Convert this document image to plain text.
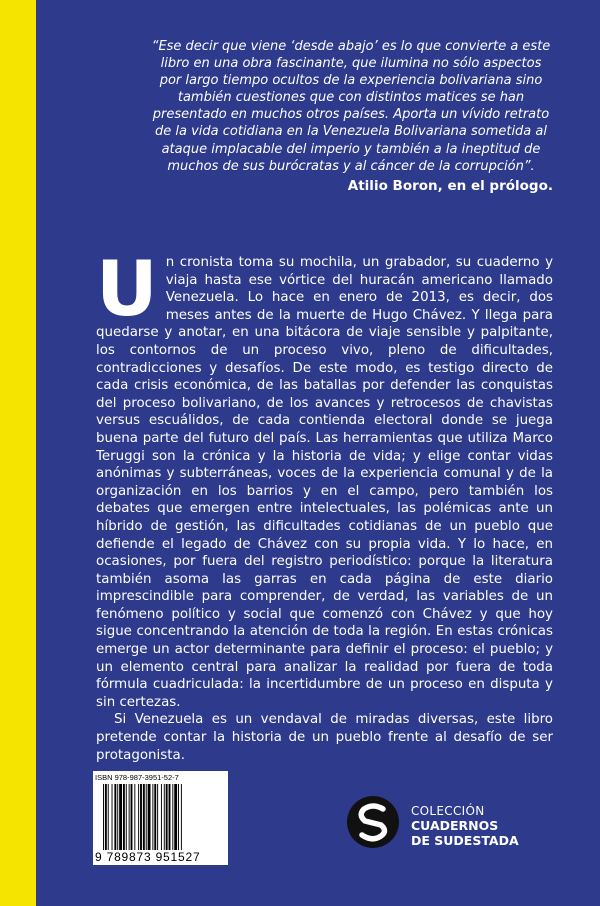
“Ese decir que viene ‘desde abajo’ es lo que convierte a este libro en una obra fascinante, que ilumina no sólo aspectos por largo tiempo ocultos de la experiencia bolivariana sino también cuestiones que con distintos matices se han presentado en muchos otros países. Aporta un vívido retrato de la vida cotidiana en la Venezuela Bolivariana sometida al ataque implacable del imperio y también a la ineptitud de muchos de sus burócratas y al cáncer de la corrupción”.

Atilio Boron, en el prólogo.
U n cronista toma su mochila, un grabador, su cuaderno y viaja hasta ese vórtice del huracán americano llamado Venezuela. Lo hace en enero de 2013, es decir, dos meses antes de la muerte de Hugo Chávez. Y llega para quedarse y anotar, en una bitácora de viaje sensible y palpitante, los contornos de un proceso vivo, pleno de dificultades, contradicciones y desafíos. De este modo, es testigo directo de cada crisis económica, de las batallas por defender las conquistas del proceso bolivariano, de los avances y retrocesos de chavistas versus escuálidos, de cada contienda electoral donde se juega buena parte del futuro del país. Las herramientas que utiliza Marco Teruggi son la crónica y la historia de vida; y elige contar vidas anónimas y subterráneas, voces de la experiencia comunal y de la organización en los barrios y en el campo, pero también los debates que emergen entre intelectuales, las polémicas ante un híbrido de gestión, las dificultades cotidianas de un pueblo que defiende el legado de Chávez con su propia vida. Y lo hace, en ocasiones, por fuera del registro periodístico: porque la literatura también asoma las garras en cada página de este diario imprescindible para comprender, de verdad, las variables de un fenómeno político y social que comenzó con Chávez y que hoy sigue concentrando la atención de toda la región. En estas crónicas emerge un actor determinante para definir el proceso: el pueblo; y un elemento central para analizar la realidad por fuera de toda fórmula cuadriculada: la incertidumbre de un proceso en disputa y sin certezas.

Si Venezuela es un vendaval de miradas diversas, este libro pretende contar la historia de un pueblo frente al desafío de ser protagonista.

ISBN 978-987-3951-52-7
9 789873 951527
COLECCIÓN
CUADERNOS
DE SUDESTADA
